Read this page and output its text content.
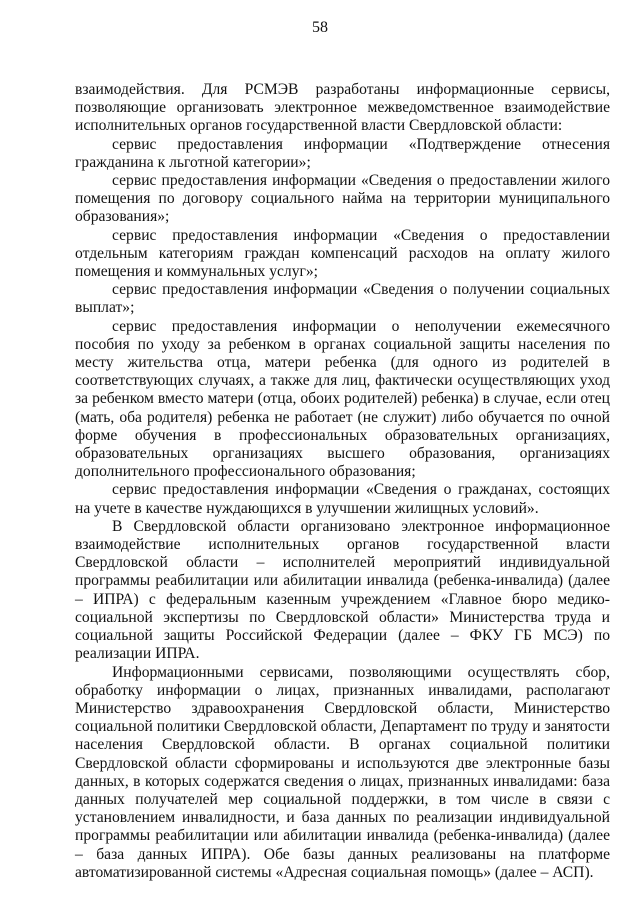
58

взаимодействия. Для РСМЭВ разработаны информационные сервисы, позволяющие организовать электронное межведомственное взаимодействие исполнительных органов государственной власти Свердловской области:

сервис предоставления информации «Подтверждение отнесения гражданина к льготной категории»;

сервис предоставления информации «Сведения о предоставлении жилого помещения по договору социального найма на территории муниципального образования»;

сервис предоставления информации «Сведения о предоставлении отдельным категориям граждан компенсаций расходов на оплату жилого помещения и коммунальных услуг»;

сервис предоставления информации «Сведения о получении социальных выплат»;

сервис предоставления информации о неполучении ежемесячного пособия по уходу за ребенком в органах социальной защиты населения по месту жительства отца, матери ребенка (для одного из родителей в соответствующих случаях, а также для лиц, фактически осуществляющих уход за ребенком вместо матери (отца, обоих родителей) ребенка) в случае, если отец (мать, оба родителя) ребенка не работает (не служит) либо обучается по очной форме обучения в профессиональных образовательных организациях, образовательных организациях высшего образования, организациях дополнительного профессионального образования;

сервис предоставления информации «Сведения о гражданах, состоящих на учете в качестве нуждающихся в улучшении жилищных условий».

В Свердловской области организовано электронное информационное взаимодействие исполнительных органов государственной власти Свердловской области – исполнителей мероприятий индивидуальной программы реабилитации или абилитации инвалида (ребенка-инвалида) (далее – ИПРА) с федеральным казенным учреждением «Главное бюро медико-социальной экспертизы по Свердловской области» Министерства труда и социальной защиты Российской Федерации (далее – ФКУ ГБ МСЭ) по реализации ИПРА.

Информационными сервисами, позволяющими осуществлять сбор, обработку информации о лицах, признанных инвалидами, располагают Министерство здравоохранения Свердловской области, Министерство социальной политики Свердловской области, Департамент по труду и занятости населения Свердловской области. В органах социальной политики Свердловской области сформированы и используются две электронные базы данных, в которых содержатся сведения о лицах, признанных инвалидами: база данных получателей мер социальной поддержки, в том числе в связи с установлением инвалидности, и база данных по реализации индивидуальной программы реабилитации или абилитации инвалида (ребенка-инвалида) (далее – база данных ИПРА). Обе базы данных реализованы на платформе автоматизированной системы «Адресная социальная помощь» (далее – АСП).
